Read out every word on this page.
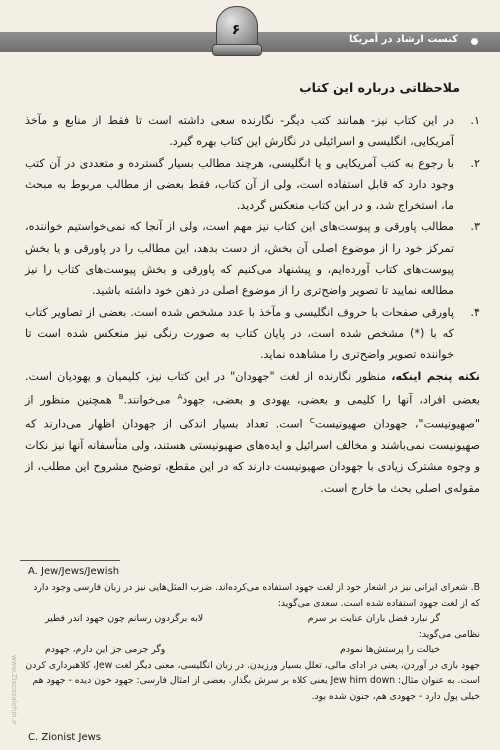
کنست ارشاد در آمریکا
۶
ملاحظاتی درباره این کتاب

۱.
در این کتاب نیز- همانند کتب دیگر- نگارنده سعی داشته است تا فقط از منابع و مآخذ آمریکایی، انگلیسی و اسرائیلی در نگارش این کتاب بهره گیرد.

۲.
با رجوع به کتب آمریکایی و یا انگلیسی، هرچند مطالب بسیار گسترده و متعددی در آن کتب وجود دارد که قابل استفاده است، ولی از آن کتاب، فقط بعضی از مطالب مربوط به مبحث ما، استخراج شد، و در این کتاب منعکس گردید.

۳.
مطالب پاورقی و پیوست‌های این کتاب نیز مهم است، ولی از آنجا که نمی‌خواستیم خواننده، تمرکز خود را از موضوع اصلی آن بخش، از دست بدهد، این مطالب را در پاورقی و یا بخش پیوست‌های کتاب آورده‌ایم، و پیشنهاد می‌کنیم که پاورقی و بخش پیوست‌های کتاب را نیز مطالعه نمایید تا تصویر واضح‌تری را از موضوع اصلی در ذهن خود داشته باشید.

۴.
پاورقی صفحات با حروف انگلیسی و مآخذ با عدد مشخص شده است. بعضی از تصاویر کتاب که با (*) مشخص شده است، در پایان کتاب به صورت رنگی نیز منعکس شده است تا خواننده تصویر واضح‌تری را مشاهده نماید.

نکته پنجم اینکه، منظور نگارنده از لغت "جهودان" در این کتاب نیز، کلیمیان و یهودیان است. بعضی افراد، آنها را کلیمی و بعضی، یهودی و بعضی، جهود$^A$ می‌خوانند.$^B$ همچنین منظور از "صهیونیست"، جهودان صهیونیست$^C$ است. تعداد بسیار اندکی از جهودان اظهار می‌دارند که صهیونیست نمی‌باشند و مخالف اسرائیل و ایده‌های صهیونیستی هستند، ولی متأسفانه آنها نیز نکات و وجوه مشترک زیادی با جهودان صهیونیست دارند که در این مقطع، توضیح مشروح این مطلب، از مقوله‌ی اصلی بحث ما خارج است.

A. Jew/Jews/Jewish

B. شعرای ایرانی نیز در اشعار خود از لغت جهود استفاده می‌کرده‌اند. ضرب المثل‌هایی نیز در زبان فارسی وجود دارد که از لغت جهود استفاده شده است. سعدی می‌گوید:

گر نبارد فضل باران عنایت بر سرم
لابه برگردون رسانم چون جهود اندر فطیر

نظامی می‌گوید:

خیالت را پرستش‌ها نمودم
وگر جرمی جز این دارم، جهودم

جهود بازی در آوردن، یعنی در ادای مالی، تعلل بسیار ورزیدن. در زبان انگلیسی، معنی دیگر لغت Jew، کلاهبرداری کردن است. به عنوان مثال: Jew him down یعنی کلاه بر سرش بگذار. بعضی از امثال فارسی: جهود خون دیده - جهود هم خیلی پول دارد - جهودی هم، جنون شده بود.

C. Zionist Jews
www.Ziaossalehin.ir
